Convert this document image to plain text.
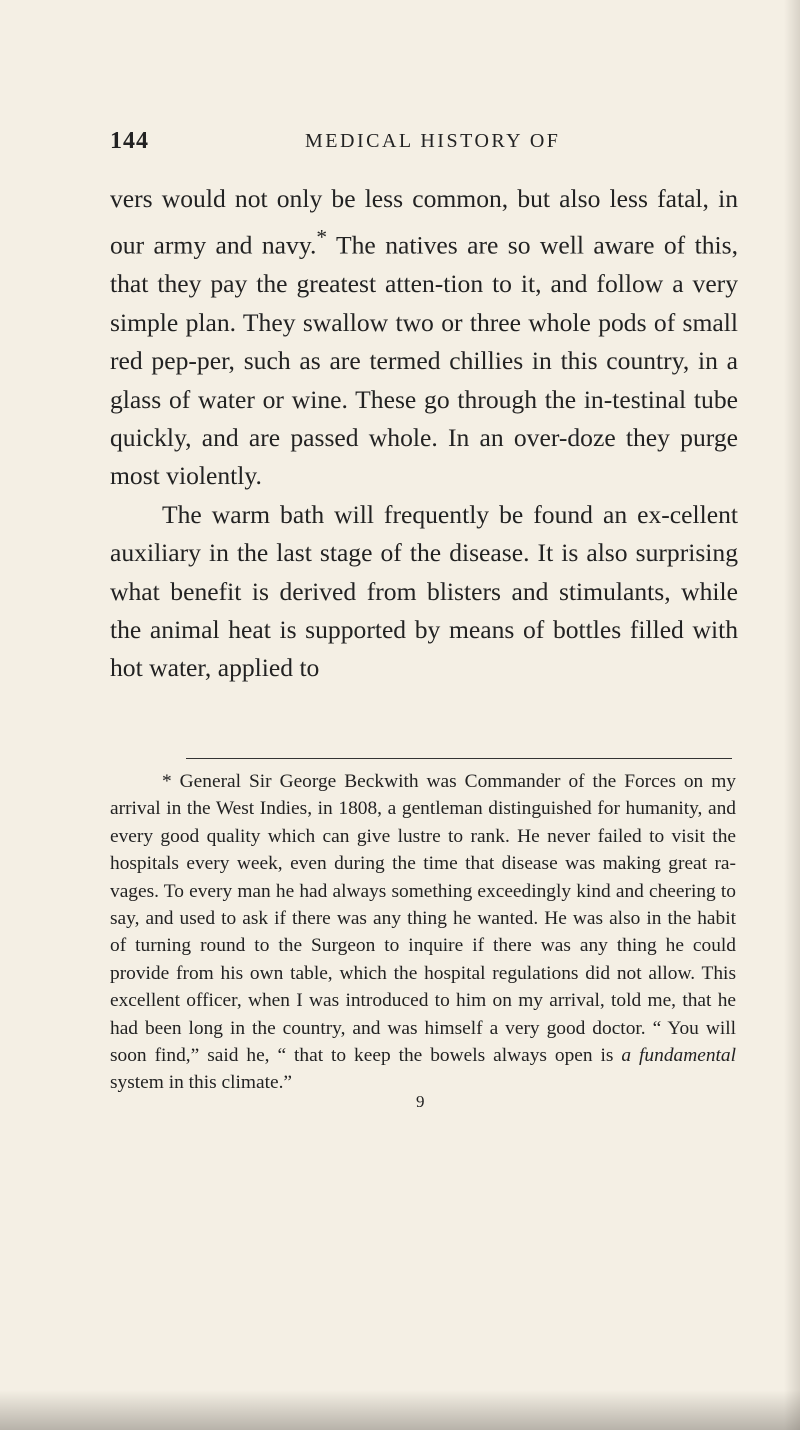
144	MEDICAL HISTORY OF

vers would not only be less common, but also less fatal, in our army and navy.* The natives are so well aware of this, that they pay the greatest atten-tion to it, and follow a very simple plan. They swallow two or three whole pods of small red pep-per, such as are termed chillies in this country, in a glass of water or wine. These go through the in-testinal tube quickly, and are passed whole. In an over-doze they purge most violently.

The warm bath will frequently be found an ex-cellent auxiliary in the last stage of the disease. It is also surprising what benefit is derived from blisters and stimulants, while the animal heat is supported by means of bottles filled with hot water, applied to

* General Sir George Beckwith was Commander of the Forces on my arrival in the West Indies, in 1808, a gentleman distinguished for humanity, and every good quality which can give lustre to rank. He never failed to visit the hospitals every week, even during the time that disease was making great ra-vages. To every man he had always something exceedingly kind and cheering to say, and used to ask if there was any thing he wanted. He was also in the habit of turning round to the Surgeon to inquire if there was any thing he could provide from his own table, which the hospital regulations did not allow. This excellent officer, when I was introduced to him on my arrival, told me, that he had been long in the country, and was himself a very good doctor. “ You will soon find,” said he, “ that to keep the bowels always open is a fundamental system in this climate.”

9
